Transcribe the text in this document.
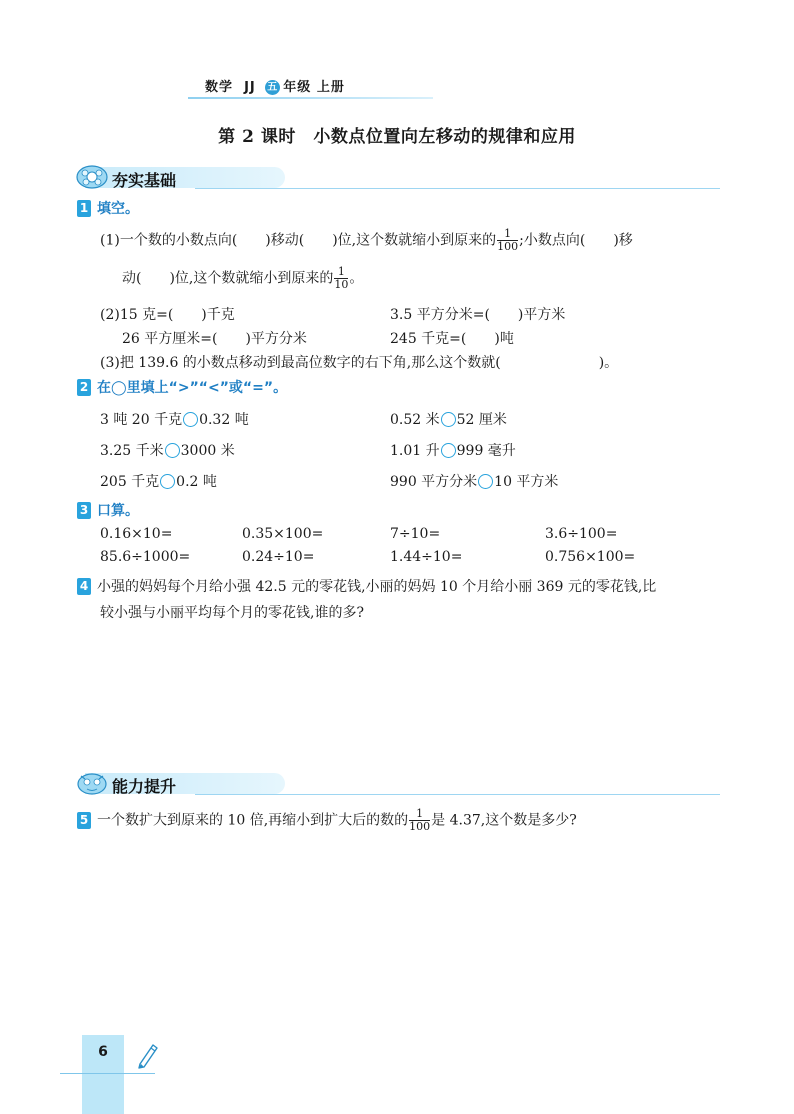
数学 JJ 五 年级 上册
第 2 课时　小数点位置向左移动的规律和应用
夯实基础
1 填空。
(1)一个数的小数点向(　　)移动(　　)位,这个数就缩小到原来的 $\frac{1}{100}$ ;小数点向(　　)移
动(　　)位,这个数就缩小到原来的 $\frac{1}{10}$ 。
(2)15 克=(　　)千克	3.5 平方分米=(　　)平方米
26 平方厘米=(　　)平方分米	245 千克=(　　)吨
(3)把 139.6 的小数点移动到最高位数字的右下角,那么这个数就(　　　　　　　)。
2 在◯里填上“>”“<”或“=”。
3 吨 20 千克 0.32 吨	0.52 米 52 厘米
3.25 千米 3000 米	1.01 升 999 毫升
205 千克 0.2 吨	990 平方分米 10 平方米
3 口算。
0.16×10=	0.35×100=	7÷10=	3.6÷100=
85.6÷1000=	0.24÷10=	1.44÷10=	0.756×100=
4 小强的妈妈每个月给小强 42.5 元的零花钱,小丽的妈妈 10 个月给小丽 369 元的零花钱,比
较小强与小丽平均每个月的零花钱,谁的多?
能力提升
5 一个数扩大到原来的 10 倍,再缩小到扩大后的数的 $\frac{1}{100}$ 是 4.37,这个数是多少?
6
